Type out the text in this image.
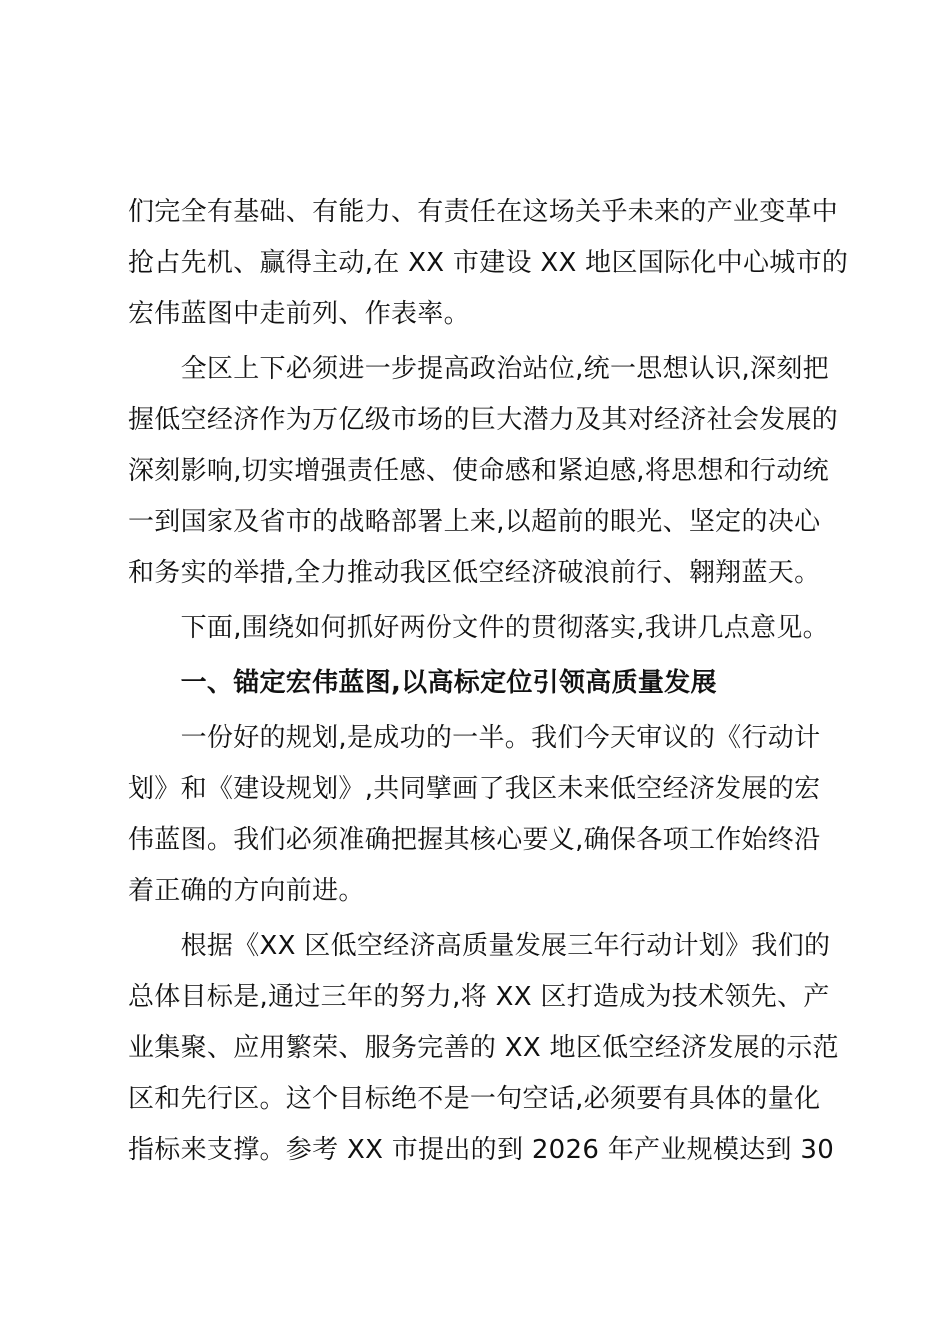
们完全有基础、有能力、有责任在这场关乎未来的产业变革中
抢占先机、赢得主动,在 XX 市建设 XX 地区国际化中心城市的
宏伟蓝图中走前列、作表率。
　　全区上下必须进一步提高政治站位,统一思想认识,深刻把
握低空经济作为万亿级市场的巨大潜力及其对经济社会发展的
深刻影响,切实增强责任感、使命感和紧迫感,将思想和行动统
一到国家及省市的战略部署上来,以超前的眼光、坚定的决心
和务实的举措,全力推动我区低空经济破浪前行、翱翔蓝天。
　　下面,围绕如何抓好两份文件的贯彻落实,我讲几点意见。
　　一、锚定宏伟蓝图,以高标定位引领高质量发展
　　一份好的规划,是成功的一半。我们今天审议的《行动计
划》和《建设规划》,共同擘画了我区未来低空经济发展的宏
伟蓝图。我们必须准确把握其核心要义,确保各项工作始终沿
着正确的方向前进。
　　根据《XX 区低空经济高质量发展三年行动计划》我们的
总体目标是,通过三年的努力,将 XX 区打造成为技术领先、产
业集聚、应用繁荣、服务完善的 XX 地区低空经济发展的示范
区和先行区。这个目标绝不是一句空话,必须要有具体的量化
指标来支撑。参考 XX 市提出的到 2026 年产业规模达到 30
